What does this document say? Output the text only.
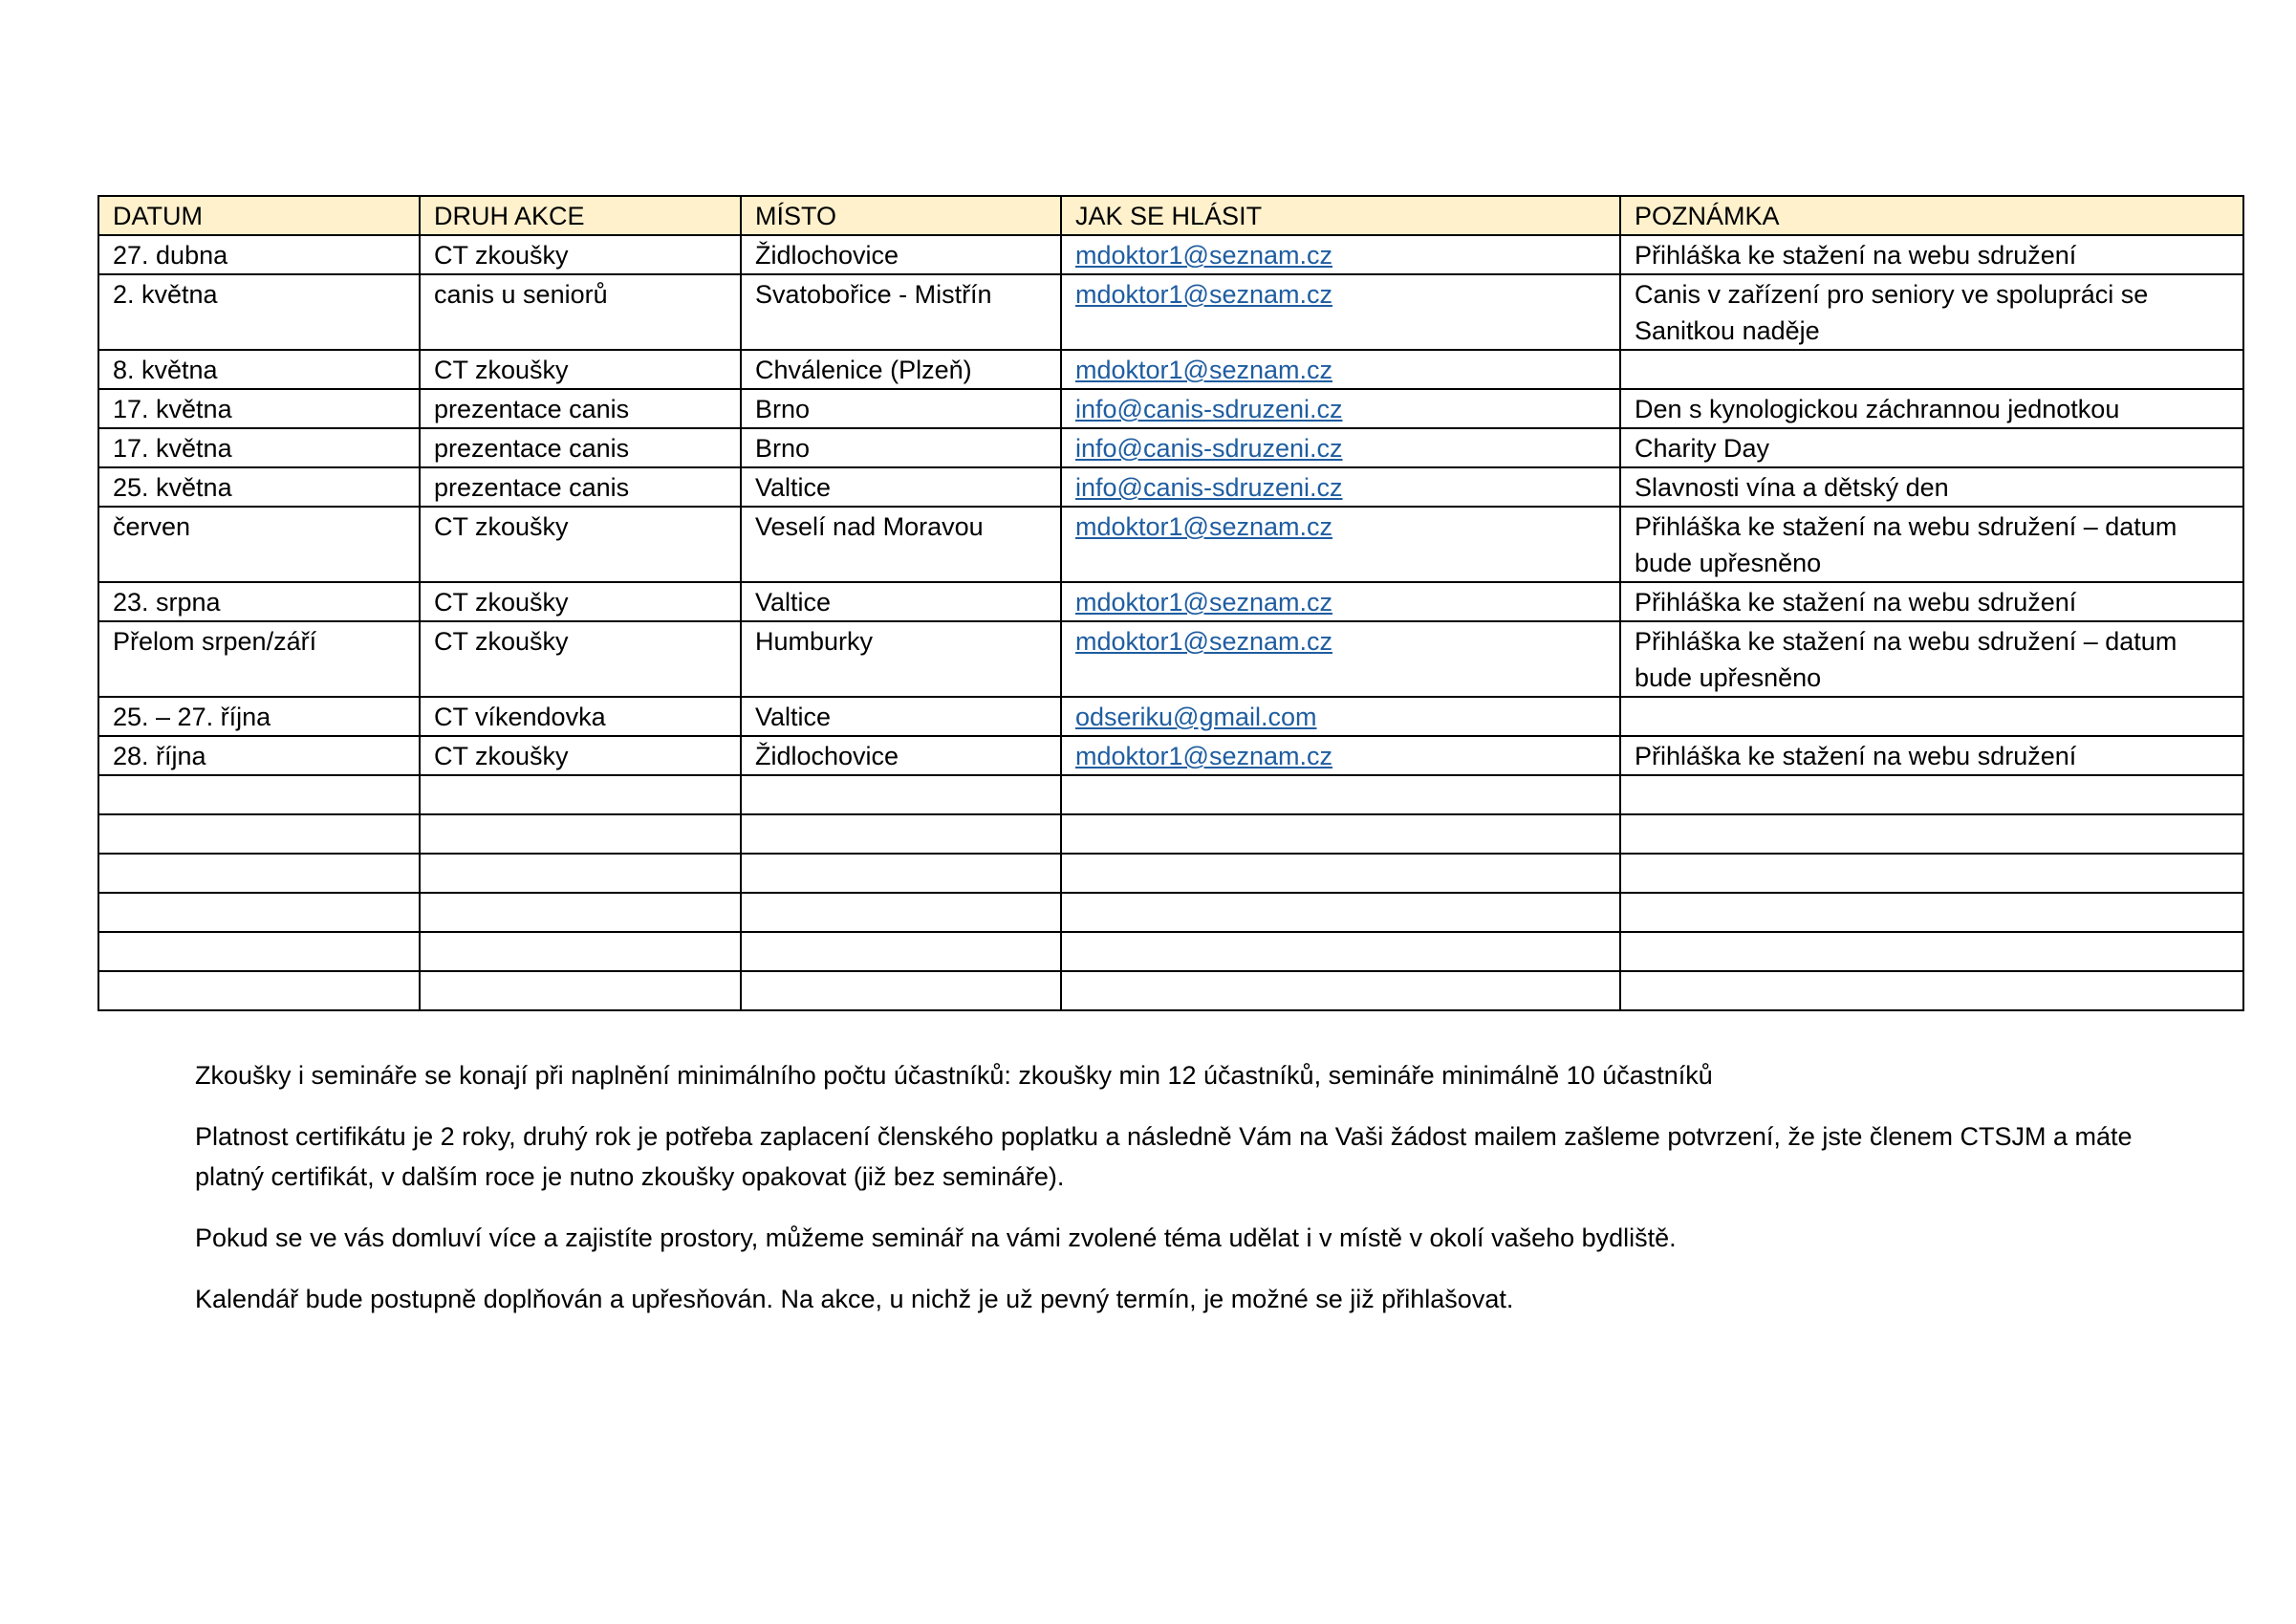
DATUM	DRUH AKCE	MÍSTO	JAK SE HLÁSIT	POZNÁMKA
27. dubna	CT zkoušky	Židlochovice	mdoktor1@seznam.cz	Přihláška ke stažení na webu sdružení
2. května	canis u seniorů	Svatobořice - Mistřín	mdoktor1@seznam.cz	Canis v zařízení pro seniory ve spolupráci se Sanitkou naděje
8. května	CT zkoušky	Chválenice (Plzeň)	mdoktor1@seznam.cz	
17. května	prezentace canis	Brno	info@canis-sdruzeni.cz	Den s kynologickou záchrannou jednotkou
17. května	prezentace canis	Brno	info@canis-sdruzeni.cz	Charity Day
25. května	prezentace canis	Valtice	info@canis-sdruzeni.cz	Slavnosti vína a dětský den
červen	CT zkoušky	Veselí nad Moravou	mdoktor1@seznam.cz	Přihláška ke stažení na webu sdružení – datum bude upřesněno
23. srpna	CT zkoušky	Valtice	mdoktor1@seznam.cz	Přihláška ke stažení na webu sdružení
Přelom srpen/září	CT zkoušky	Humburky	mdoktor1@seznam.cz	Přihláška ke stažení na webu sdružení – datum bude upřesněno
25. – 27. října	CT víkendovka	Valtice	odseriku@gmail.com	
28. října	CT zkoušky	Židlochovice	mdoktor1@seznam.cz	Přihláška ke stažení na webu sdružení

Zkoušky i semináře se konají při naplnění minimálního počtu účastníků: zkoušky min 12 účastníků, semináře minimálně 10 účastníků

Platnost certifikátu je 2 roky, druhý rok je potřeba zaplacení členského poplatku a následně Vám na Vaši žádost mailem zašleme potvrzení, že jste členem CTSJM a máte platný certifikát, v dalším roce je nutno zkoušky opakovat (již bez semináře).

Pokud se ve vás domluví více a zajistíte prostory, můžeme seminář na vámi zvolené téma udělat i v místě v okolí vašeho bydliště.

Kalendář bude postupně doplňován a upřesňován. Na akce, u nichž je už pevný termín, je možné se již přihlašovat.
